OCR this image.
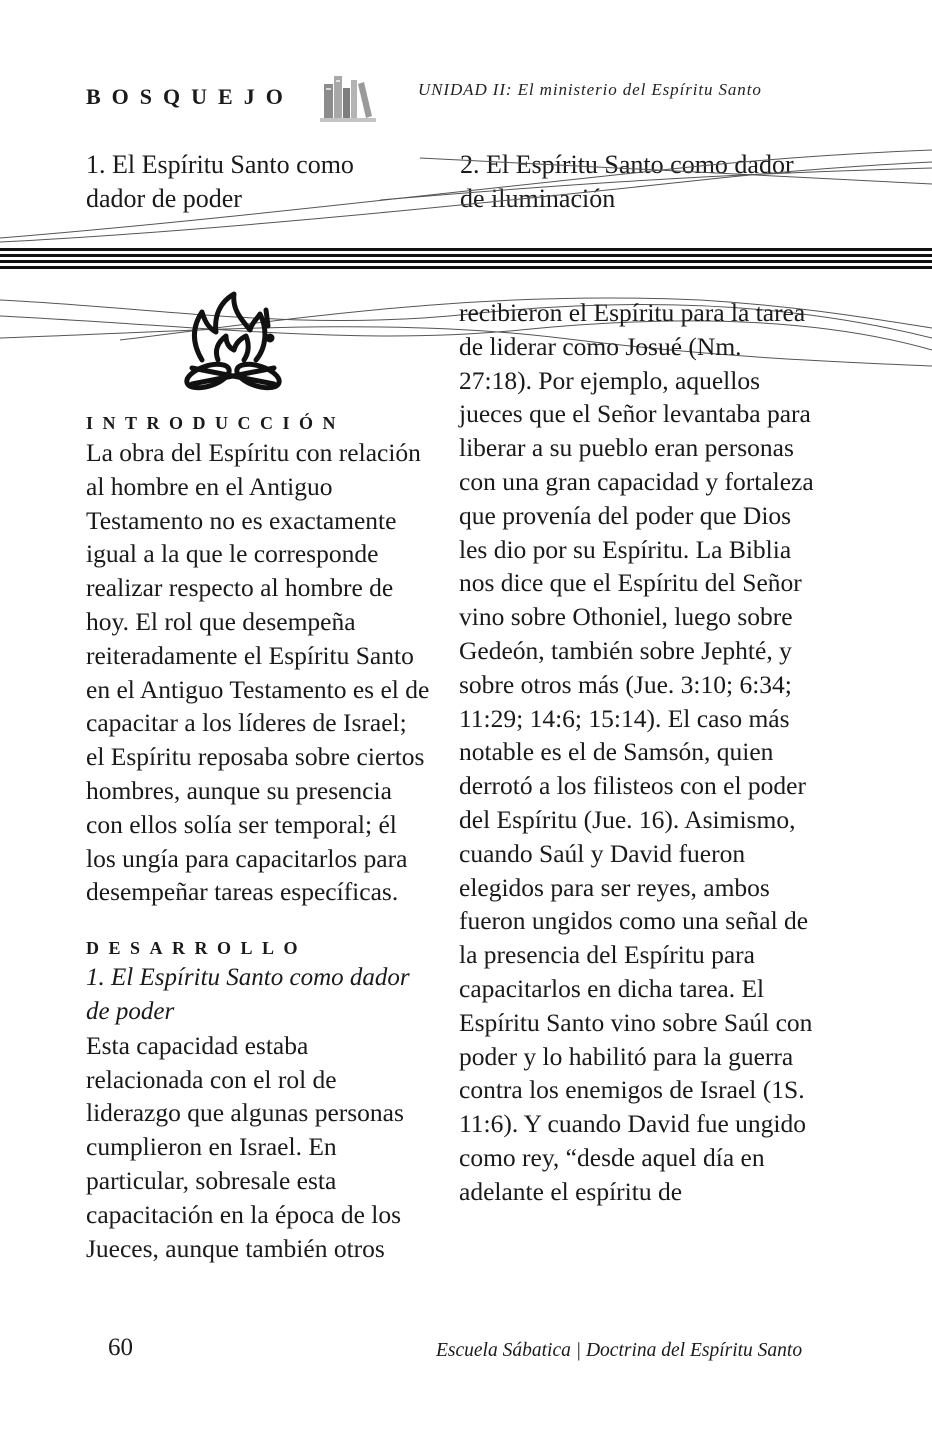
BOSQUEJO	UNIDAD II: El ministerio del Espíritu Santo
1. El Espíritu Santo como dador de poder
2. El Espíritu Santo como dador de iluminación
INTRODUCCIÓN

La obra del Espíritu con relación al hombre en el Antiguo Testamento no es exactamente igual a la que le corresponde realizar respecto al hombre de hoy. El rol que desempeña reiteradamente el Espíritu Santo en el Antiguo Testamento es el de capacitar a los líderes de Israel; el Espíritu reposaba sobre ciertos hombres, aunque su presencia con ellos solía ser temporal; él los ungía para capacitarlos para desempeñar tareas específicas.

DESARROLLO

1. El Espíritu Santo como dador de poder

Esta capacidad estaba relacionada con el rol de liderazgo que algunas personas cumplieron en Israel. En particular, sobresale esta capacitación en la época de los Jueces, aunque también otros

recibieron el Espíritu para la tarea de liderar como Josué (Nm. 27:18). Por ejemplo, aquellos jueces que el Señor levantaba para liberar a su pueblo eran personas con una gran capacidad y fortaleza que provenía del poder que Dios les dio por su Espíritu. La Biblia nos dice que el Espíritu del Señor vino sobre Othoniel, luego sobre Gedeón, también sobre Jephté, y sobre otros más (Jue. 3:10; 6:34; 11:29; 14:6; 15:14). El caso más notable es el de Samsón, quien derrotó a los filisteos con el poder del Espíritu (Jue. 16). Asimismo, cuando Saúl y David fueron elegidos para ser reyes, ambos fueron ungidos como una señal de la presencia del Espíritu para capacitarlos en dicha tarea. El Espíritu Santo vino sobre Saúl con poder y lo habilitó para la guerra contra los enemigos de Israel (1S. 11:6). Y cuando David fue ungido como rey, “desde aquel día en adelante el espíritu de

60	Escuela Sábatica | Doctrina del Espíritu Santo
